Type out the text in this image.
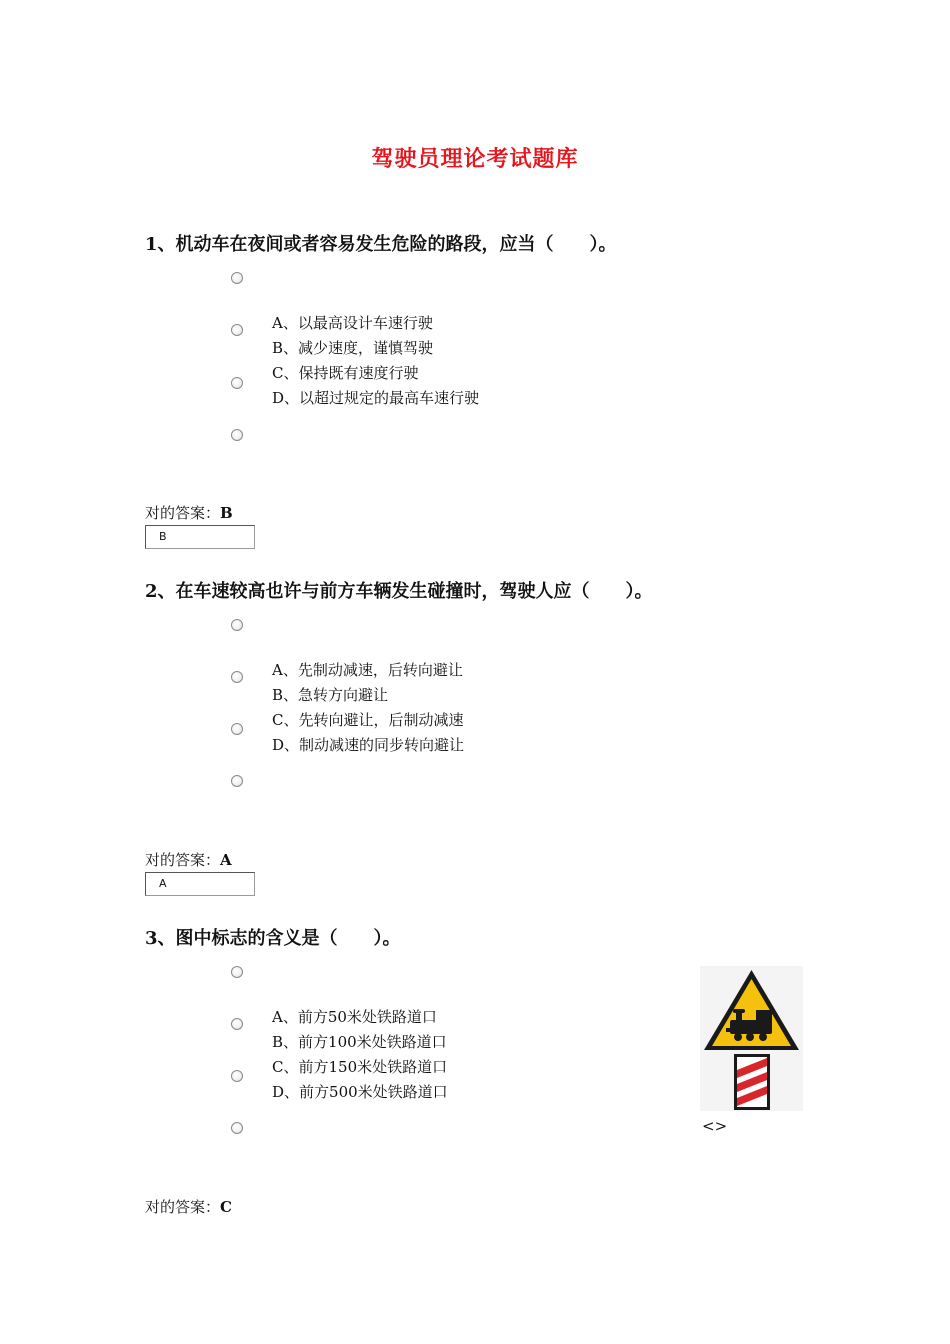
驾驶员理论考试题库
1、机动车在夜间或者容易发生危险的路段，应当（　　）。
A、以最高设计车速行驶
B、减少速度，谨慎驾驶
C、保持既有速度行驶
D、以超过规定的最高车速行驶
对的答案：B
B
2、在车速较高也许与前方车辆发生碰撞时，驾驶人应（　　）。
A、先制动减速，后转向避让
B、急转方向避让
C、先转向避让，后制动减速
D、制动减速的同步转向避让
对的答案：A
A
3、图中标志的含义是（　　）。
A、前方50米处铁路道口
B、前方100米处铁路道口
C、前方150米处铁路道口
D、前方500米处铁路道口
对的答案：C
<>
